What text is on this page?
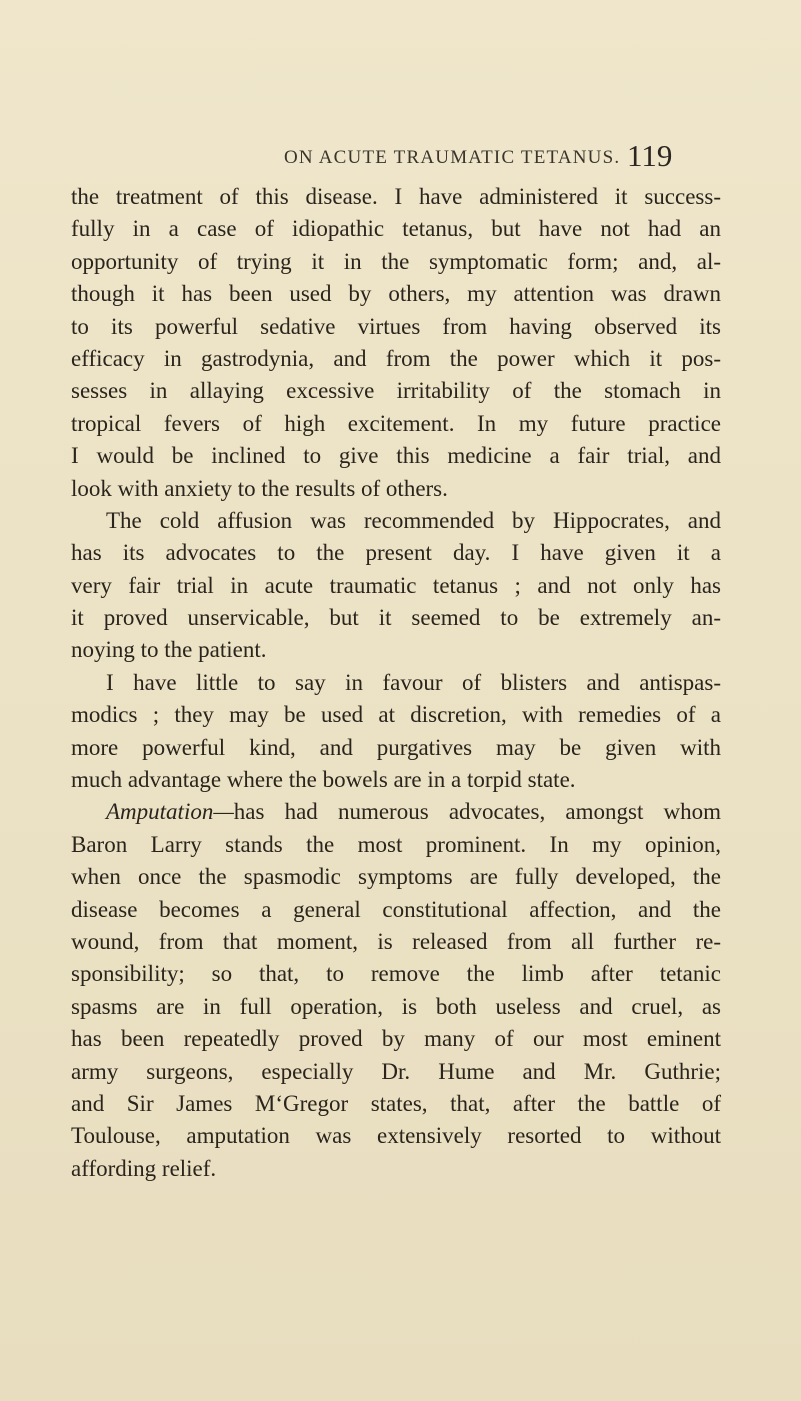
ON ACUTE TRAUMATIC TETANUS. 119
the treatment of this disease. I have administered it success-
fully in a case of idiopathic tetanus, but have not had an
opportunity of trying it in the symptomatic form; and, al-
though it has been used by others, my attention was drawn
to its powerful sedative virtues from having observed its
efficacy in gastrodynia, and from the power which it pos-
sesses in allaying excessive irritability of the stomach in
tropical fevers of high excitement. In my future practice
I would be inclined to give this medicine a fair trial, and
look with anxiety to the results of others.
The cold affusion was recommended by Hippocrates, and
has its advocates to the present day. I have given it a
very fair trial in acute traumatic tetanus ; and not only has
it proved unservicable, but it seemed to be extremely an-
noying to the patient.
I have little to say in favour of blisters and antispas-
modics ; they may be used at discretion, with remedies of a
more powerful kind, and purgatives may be given with
much advantage where the bowels are in a torpid state.
Amputation—has had numerous advocates, amongst whom
Baron Larry stands the most prominent. In my opinion,
when once the spasmodic symptoms are fully developed, the
disease becomes a general constitutional affection, and the
wound, from that moment, is released from all further re-
sponsibility; so that, to remove the limb after tetanic
spasms are in full operation, is both useless and cruel, as
has been repeatedly proved by many of our most eminent
army surgeons, especially Dr. Hume and Mr. Guthrie;
and Sir James M‘Gregor states, that, after the battle of
Toulouse, amputation was extensively resorted to without
affording relief.
